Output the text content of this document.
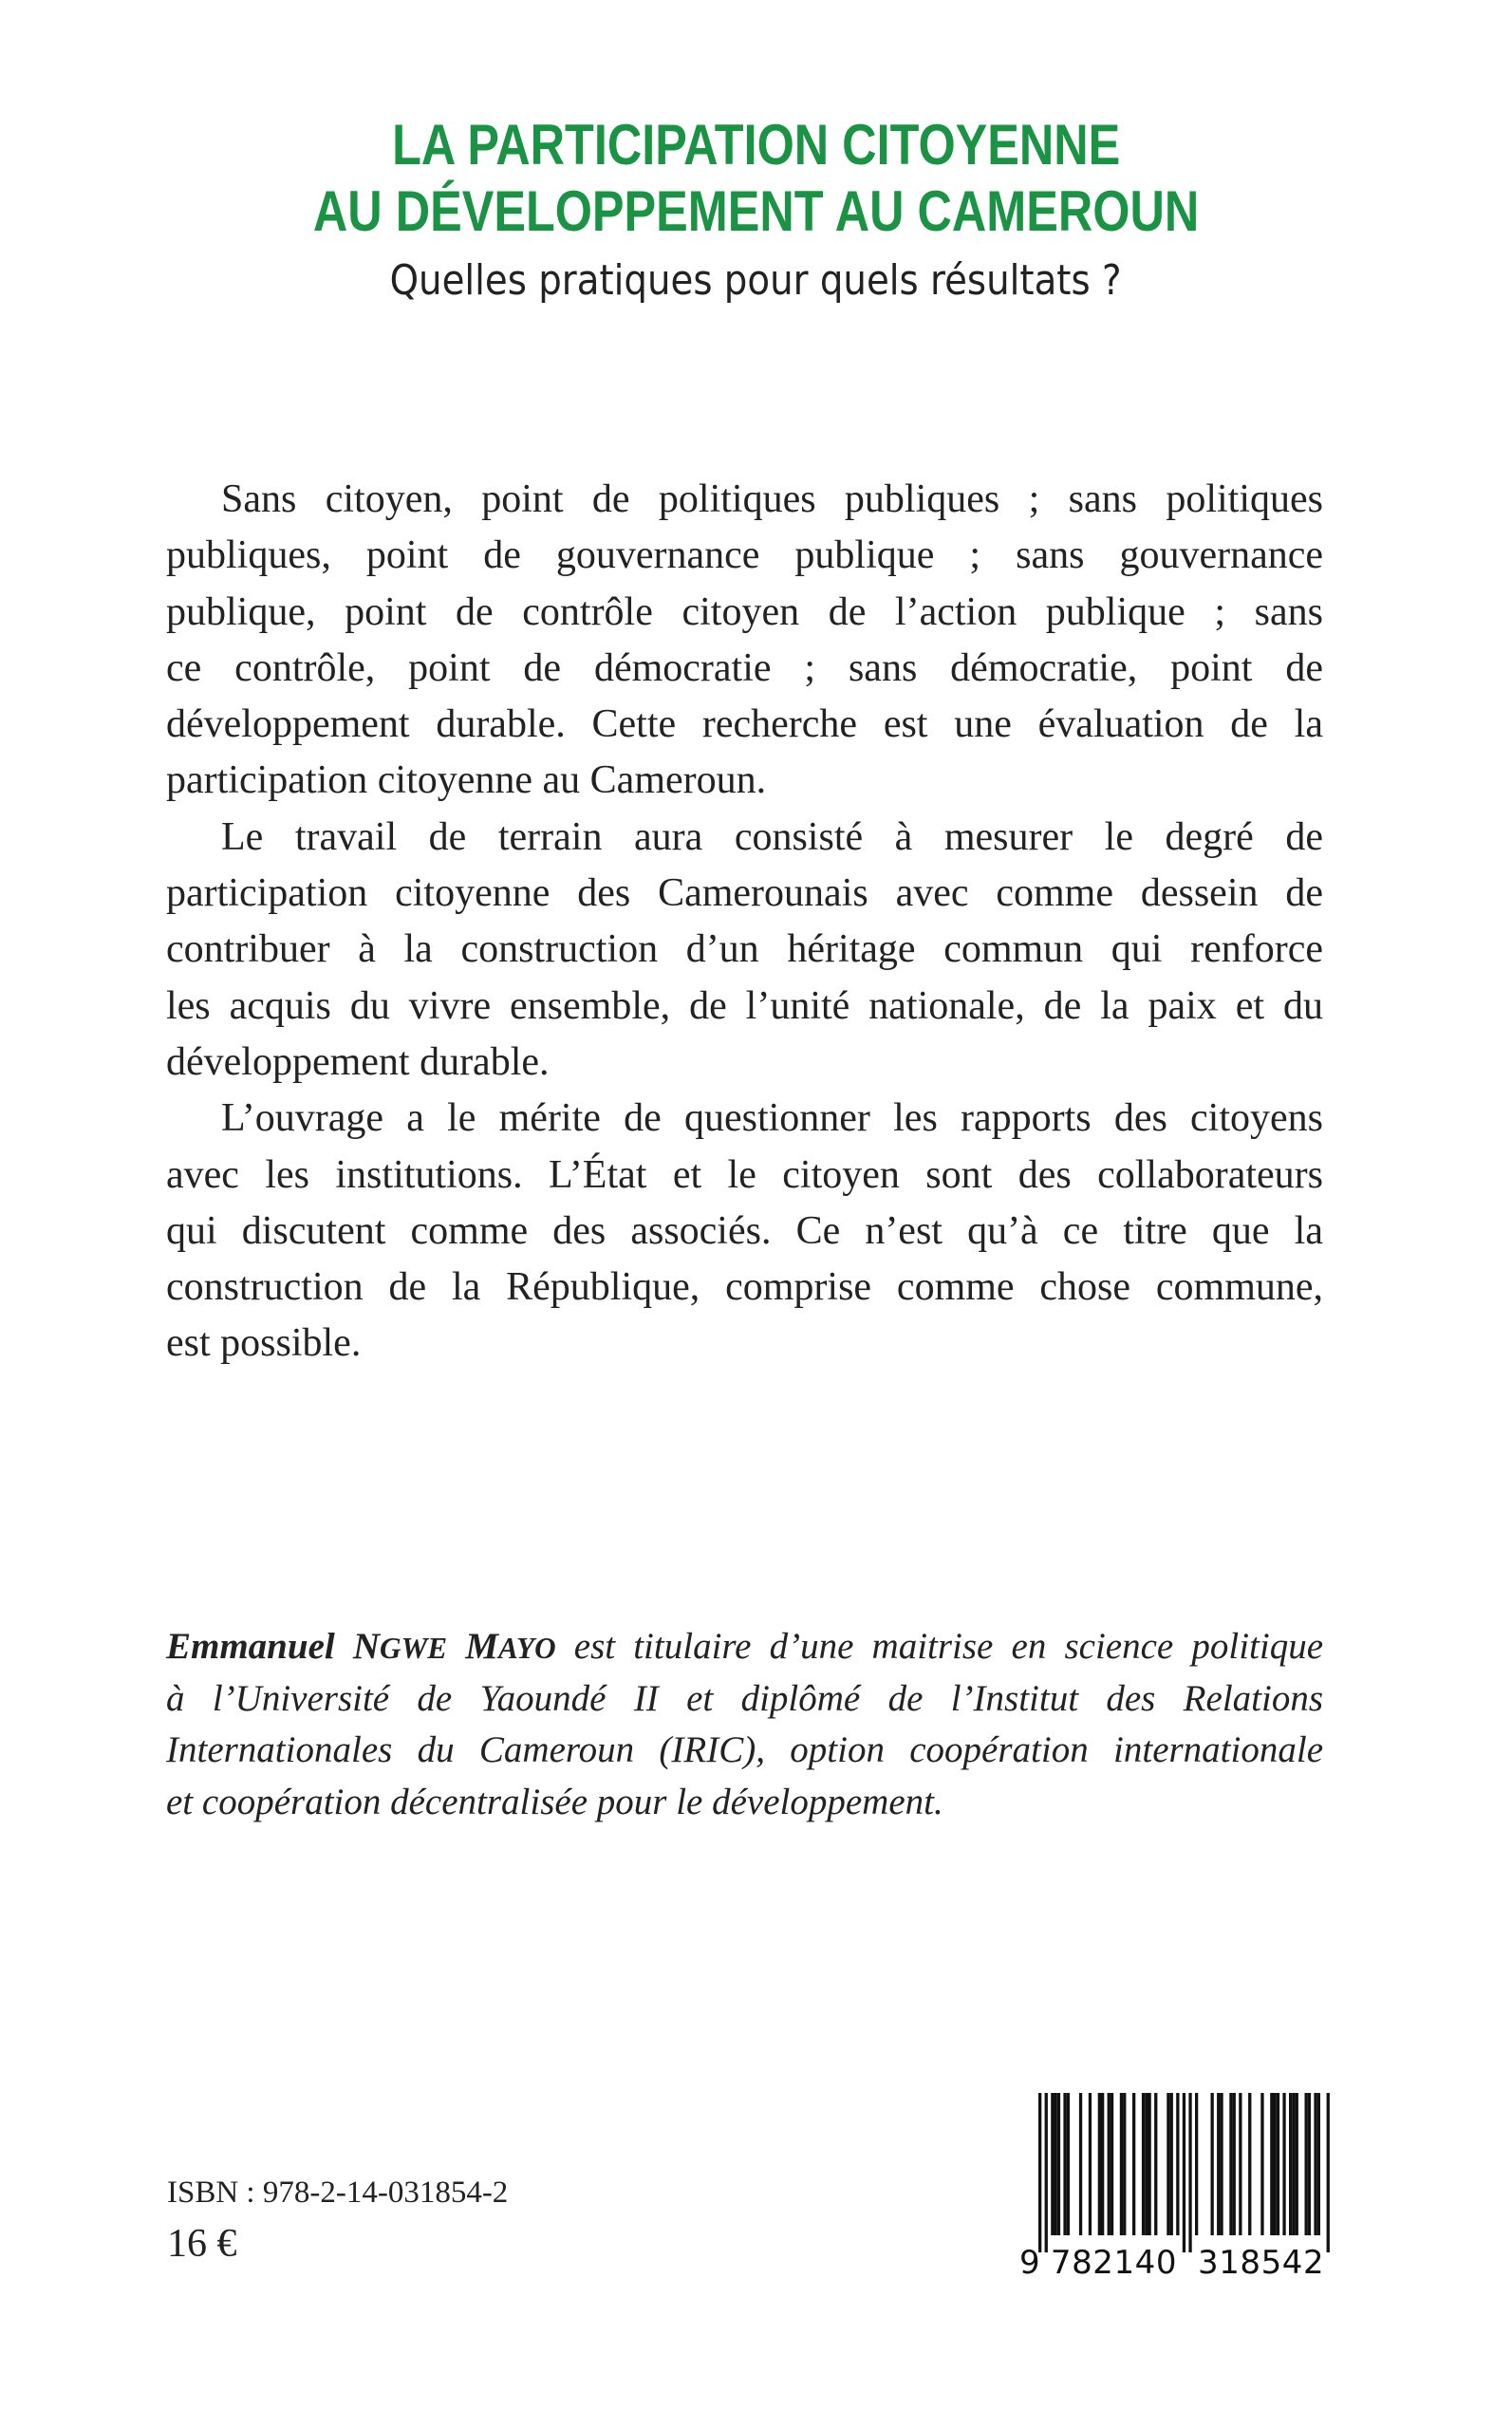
LA PARTICIPATION CITOYENNE
AU DÉVELOPPEMENT AU CAMEROUN
Quelles pratiques pour quels résultats ?
Sans citoyen, point de politiques publiques ; sans politiques
publiques, point de gouvernance publique ; sans gouvernance
publique, point de contrôle citoyen de l’action publique ; sans
ce contrôle, point de démocratie ; sans démocratie, point de
développement durable. Cette recherche est une évaluation de la
participation citoyenne au Cameroun.
Le travail de terrain aura consisté à mesurer le degré de
participation citoyenne des Camerounais avec comme dessein de
contribuer à la construction d’un héritage commun qui renforce
les acquis du vivre ensemble, de l’unité nationale, de la paix et du
développement durable.
L’ouvrage a le mérite de questionner les rapports des citoyens
avec les institutions. L’État et le citoyen sont des collaborateurs
qui discutent comme des associés. Ce n’est qu’à ce titre que la
construction de la République, comprise comme chose commune,
est possible.
Emmanuel NGWE MAYO est titulaire d’une maitrise en science politique
à l’Université de Yaoundé II et diplômé de l’Institut des Relations
Internationales du Cameroun (IRIC), option coopération internationale
et coopération décentralisée pour le développement.
ISBN : 978-2-14-031854-2
16 €	9 782140 318542
